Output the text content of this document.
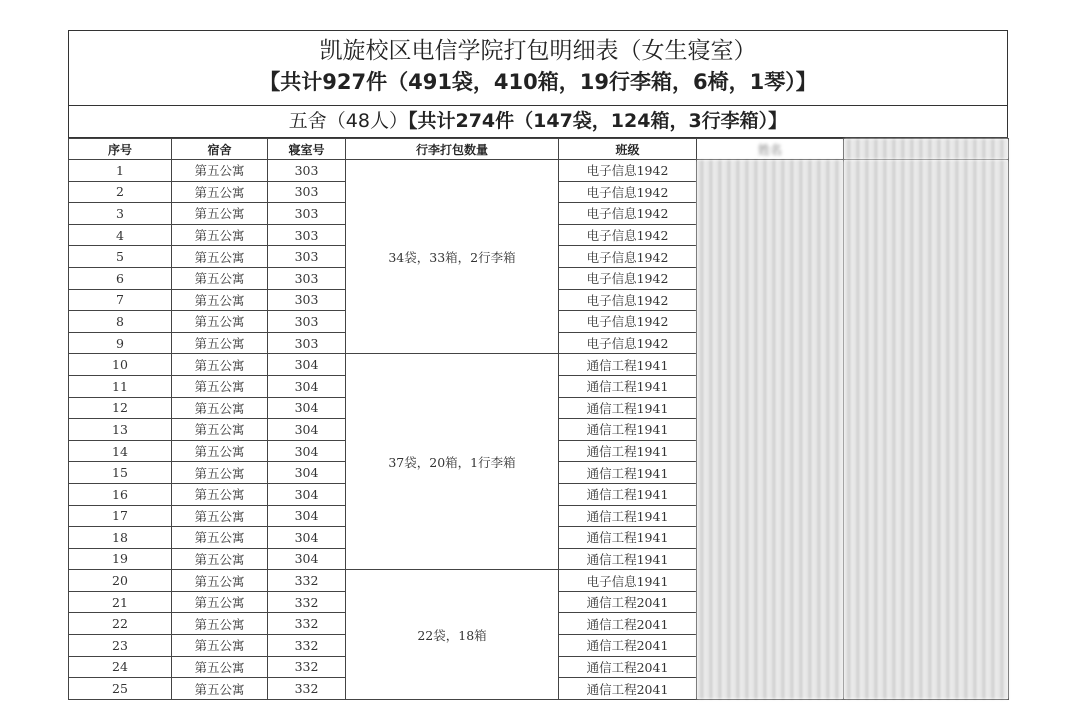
凯旋校区电信学院打包明细表（女生寝室）
【共计927件（491袋，410箱，19行李箱，6椅，1琴）】
五舍（48人）【共计274件（147袋，124箱，3行李箱）】
序号	宿舍	寝室号	行李打包数量	班级	姓名	
1	第五公寓	303	34袋，33箱，2行李箱	电子信息1942		
2	第五公寓	303		电子信息1942		
3	第五公寓	303		电子信息1942		
4	第五公寓	303		电子信息1942		
5	第五公寓	303		电子信息1942		
6	第五公寓	303		电子信息1942		
7	第五公寓	303		电子信息1942		
8	第五公寓	303		电子信息1942		
9	第五公寓	303		电子信息1942		
10	第五公寓	304	37袋，20箱，1行李箱	通信工程1941		
11	第五公寓	304		通信工程1941		
12	第五公寓	304		通信工程1941		
13	第五公寓	304		通信工程1941		
14	第五公寓	304		通信工程1941		
15	第五公寓	304		通信工程1941		
16	第五公寓	304		通信工程1941		
17	第五公寓	304		通信工程1941		
18	第五公寓	304		通信工程1941		
19	第五公寓	304		通信工程1941		
20	第五公寓	332	22袋，18箱	电子信息1941		
21	第五公寓	332		通信工程2041		
22	第五公寓	332		通信工程2041		
23	第五公寓	332		通信工程2041		
24	第五公寓	332		通信工程2041		
25	第五公寓	332		通信工程2041		
